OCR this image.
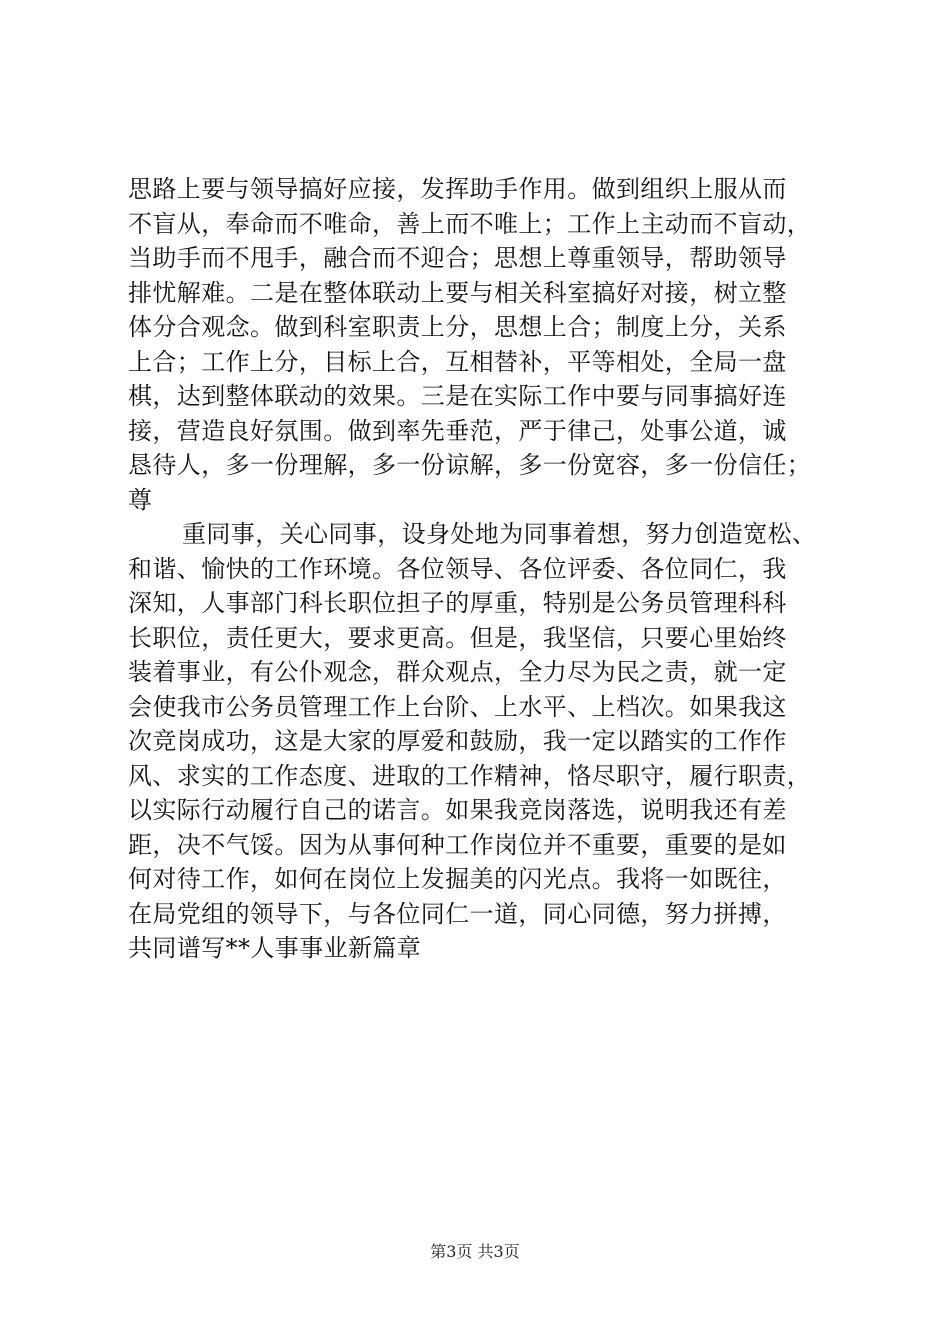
思路上要与领导搞好应接，发挥助手作用。做到组织上服从而
不盲从，奉命而不唯命，善上而不唯上；工作上主动而不盲动，
当助手而不甩手，融合而不迎合；思想上尊重领导，帮助领导
排忧解难。二是在整体联动上要与相关科室搞好对接，树立整
体分合观念。做到科室职责上分，思想上合；制度上分，关系
上合；工作上分，目标上合，互相替补，平等相处，全局一盘
棋，达到整体联动的效果。三是在实际工作中要与同事搞好连
接，营造良好氛围。做到率先垂范，严于律己，处事公道，诚
恳待人，多一份理解，多一份谅解，多一份宽容，多一份信任；
尊
重同事，关心同事，设身处地为同事着想，努力创造宽松、
和谐、愉快的工作环境。各位领导、各位评委、各位同仁，我
深知，人事部门科长职位担子的厚重，特别是公务员管理科科
长职位，责任更大，要求更高。但是，我坚信，只要心里始终
装着事业，有公仆观念，群众观点，全力尽为民之责，就一定
会使我市公务员管理工作上台阶、上水平、上档次。如果我这
次竞岗成功，这是大家的厚爱和鼓励，我一定以踏实的工作作
风、求实的工作态度、进取的工作精神，恪尽职守，履行职责，
以实际行动履行自己的诺言。如果我竞岗落选，说明我还有差
距，决不气馁。因为从事何种工作岗位并不重要，重要的是如
何对待工作，如何在岗位上发掘美的闪光点。我将一如既往，
在局党组的领导下，与各位同仁一道，同心同德，努力拼搏，
共同谱写**人事事业新篇章
第3页 共3页
